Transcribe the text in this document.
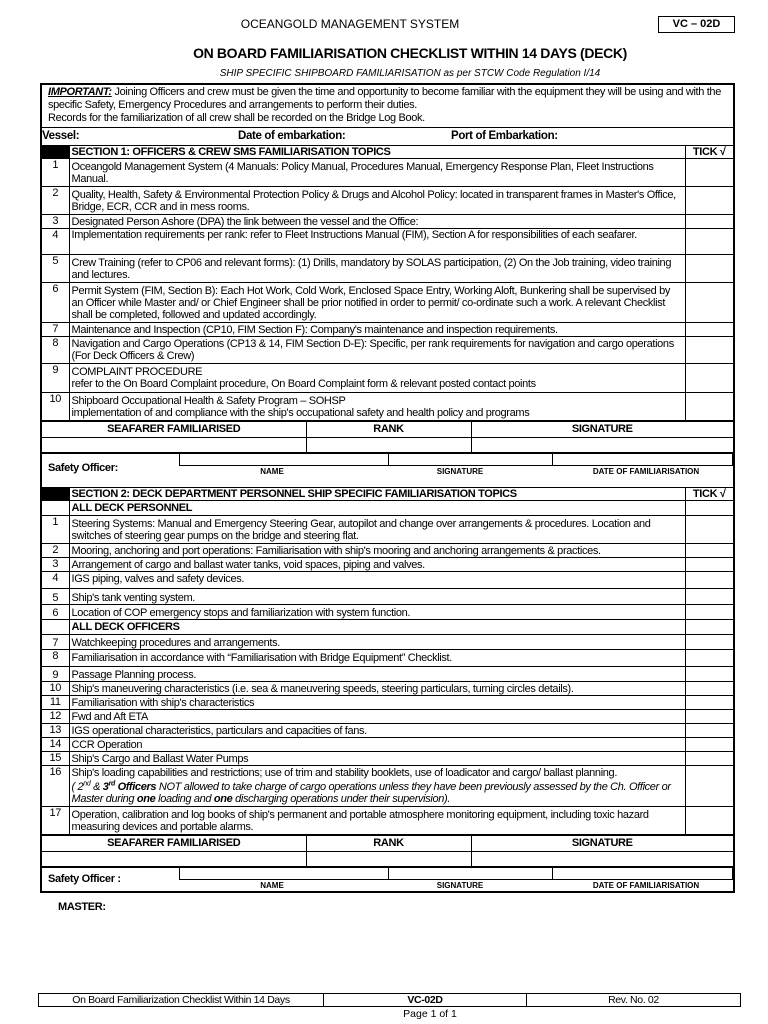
OCEANGOLD MANAGEMENT SYSTEM	VC – 02D
ON BOARD FAMILIARISATION CHECKLIST WITHIN 14 DAYS (DECK)
SHIP SPECIFIC SHIPBOARD FAMILIARISATION as per STCW Code Regulation I/14
IMPORTANT: Joining Officers and crew must be given the time and opportunity to become familiar with the equipment they will be using and with the specific Safety, Emergency Procedures and arrangements to perform their duties.
Records for the familiarization of all crew shall be recorded on the Bridge Log Book.
Vessel:	Date of embarkation:	Port of Embarkation:
	SECTION 1: OFFICERS & CREW SMS FAMILIARISATION TOPICS	TICK √
1	Oceangold Management System (4 Manuals: Policy Manual, Procedures Manual, Emergency Response Plan, Fleet Instructions Manual.	
2	Quality, Health, Safety & Environmental Protection Policy & Drugs and Alcohol Policy: located in transparent frames in Master's Office, Bridge, ECR, CCR and in mess rooms.	
3	Designated Person Ashore (DPA) the link between the vessel and the Office:	
4	Implementation requirements per rank: refer to Fleet Instructions Manual (FIM), Section A for responsibilities of each seafarer.	
5	Crew Training (refer to CP06 and relevant forms): (1) Drills, mandatory by SOLAS participation, (2) On the Job training, video training and lectures.	
6	Permit System (FIM, Section B): Each Hot Work, Cold Work, Enclosed Space Entry, Working Aloft, Bunkering shall be supervised by an Officer while Master and/ or Chief Engineer shall be prior notified in order to permit/ co-ordinate such a work. A relevant Checklist shall be completed, followed and updated accordingly.	
7	Maintenance and Inspection (CP10, FIM Section F): Company's maintenance and inspection requirements.	
8	Navigation and Cargo Operations (CP13 & 14, FIM Section D-E): Specific, per rank requirements for navigation and cargo operations (For Deck Officers & Crew)	
9	COMPLAINT PROCEDURE
refer to the On Board Complaint procedure, On Board Complaint form & relevant posted contact points	
10	Shipboard Occupational Health & Safety Program – SOHSP
implementation of and compliance with the ship's occupational safety and health policy and programs	
SEAFARER FAMILIARISED	RANK	SIGNATURE

Safety Officer:	NAME	SIGNATURE	DATE OF FAMILIARISATION
	SECTION 2: DECK DEPARTMENT PERSONNEL SHIP SPECIFIC FAMILIARISATION TOPICS	TICK √
	ALL DECK PERSONNEL	
1	Steering Systems: Manual and Emergency Steering Gear, autopilot and change over arrangements & procedures. Location and switches of steering gear pumps on the bridge and steering flat.	
2	Mooring, anchoring and port operations: Familiarisation with ship's mooring and anchoring arrangements & practices.	
3	Arrangement of cargo and ballast water tanks, void spaces, piping and valves.	
4	IGS piping, valves and safety devices.	
5	Ship's tank venting system.	
6	Location of COP emergency stops and familiarization with system function.	
	ALL DECK OFFICERS	
7	Watchkeeping procedures and arrangements.	
8	Familiarisation in accordance with “Familiarisation with Bridge Equipment” Checklist.	
9	Passage Planning process.	
10	Ship's maneuvering characteristics (i.e. sea & maneuvering speeds, steering particulars, turning circles details).	
11	Familiarisation with ship's characteristics	
12	Fwd and Aft ETA	
13	IGS operational characteristics, particulars and capacities of fans.	
14	CCR Operation	
15	Ship's Cargo and Ballast Water Pumps	
16	Ship's loading capabilities and restrictions; use of trim and stability booklets, use of loadicator and cargo/ ballast planning.
( 2nd & 3rd Officers NOT allowed to take charge of cargo operations unless they have been previously assessed by the Ch. Officer or Master during one loading and one discharging operations under their supervision).	
17	Operation, calibration and log books of ship's permanent and portable atmosphere monitoring equipment, including toxic hazard measuring devices and portable alarms.	
SEAFARER FAMILIARISED	RANK	SIGNATURE

Safety Officer :
NAME	SIGNATURE	DATE OF FAMILIARISATION
MASTER:
On Board Familiarization Checklist Within 14 Days	VC-02D	Rev. No. 02
Page 1 of 1
